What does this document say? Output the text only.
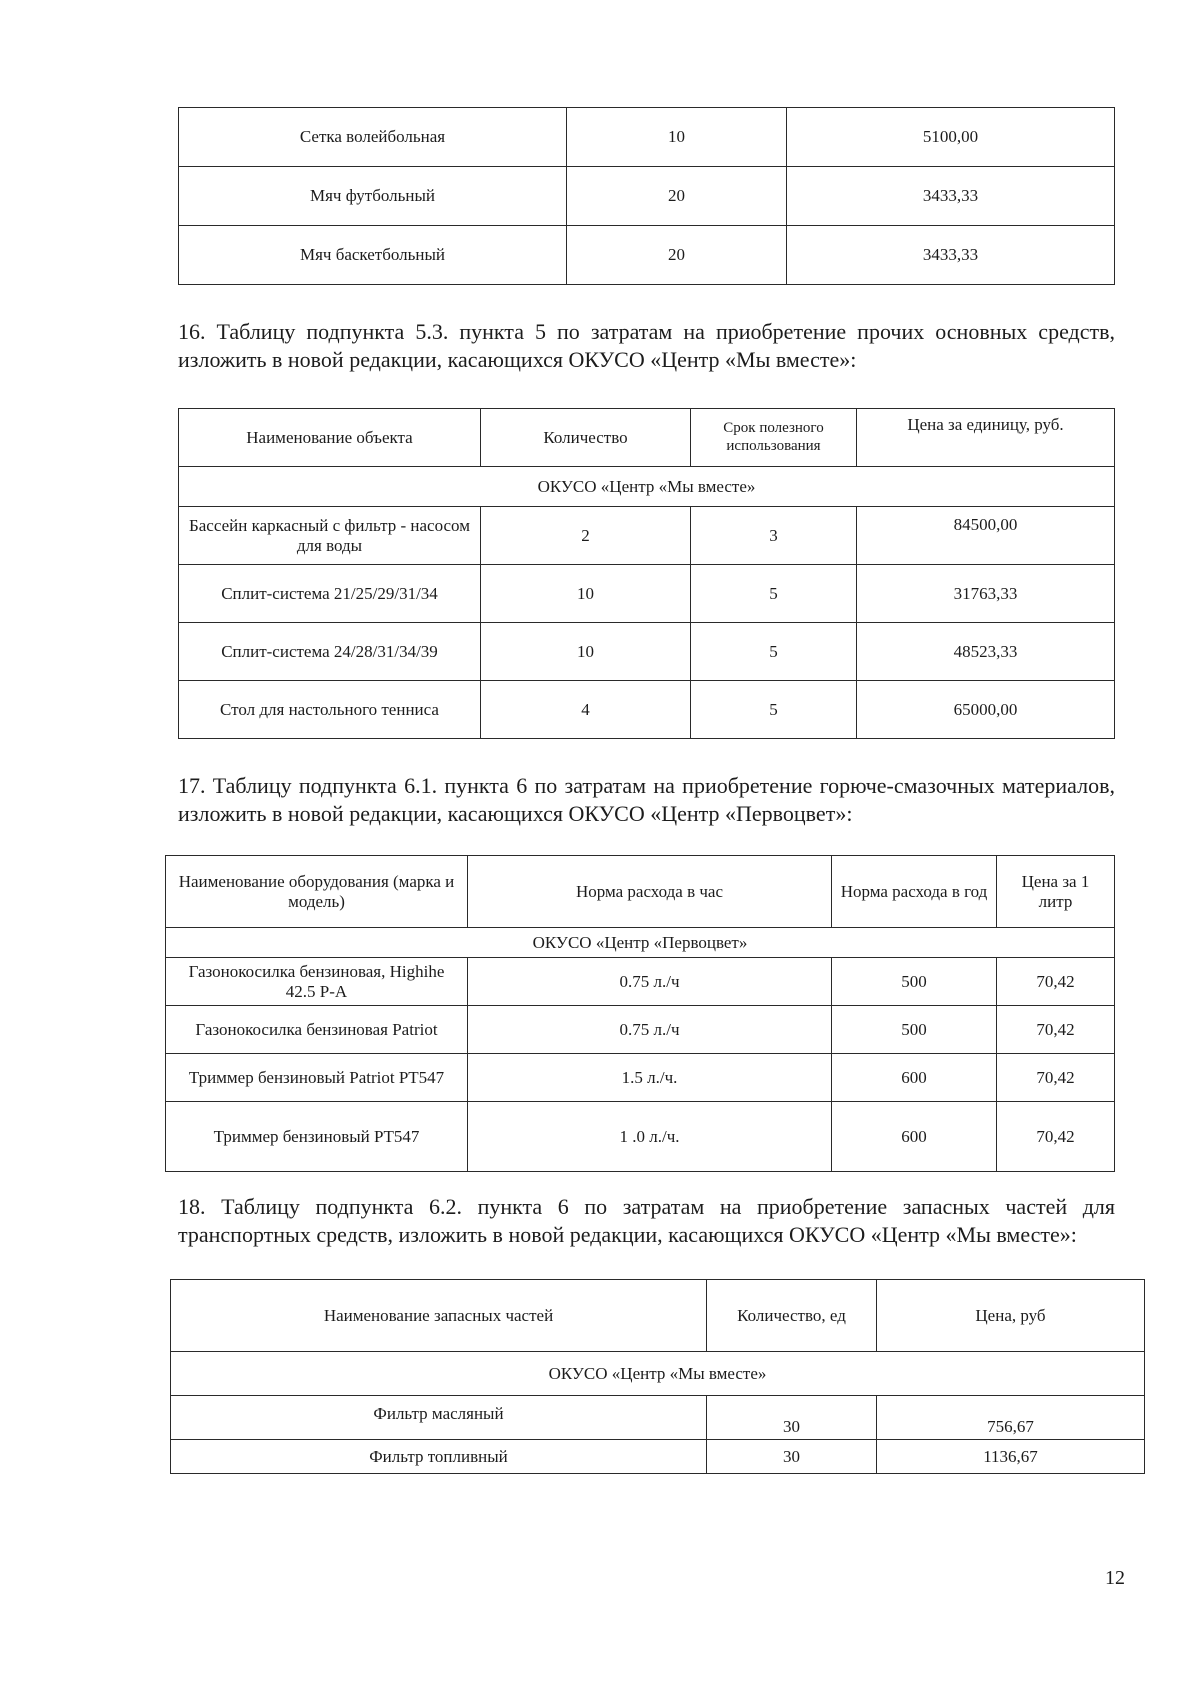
Сетка волейбольная	10	5100,00
Мяч футбольный	20	3433,33
Мяч баскетбольный	20	3433,33
16. Таблицу подпункта 5.3. пункта 5 по затратам на приобретение прочих основных средств, изложить в новой редакции, касающихся ОКУСО «Центр «Мы вместе»:
Наименование объекта	Количество	Срок полезного использования	Цена за единицу, руб.
ОКУСО «Центр «Мы вместе»			
Бассейн каркасный с фильтр - насосом для воды	2	3	84500,00
Сплит-система 21/25/29/31/34	10	5	31763,33
Сплит-система 24/28/31/34/39	10	5	48523,33
Стол для настольного тенниса	4	5	65000,00
17. Таблицу подпункта 6.1. пункта 6 по затратам на приобретение горюче-смазочных материалов, изложить в новой редакции, касающихся ОКУСО «Центр «Первоцвет»:
Наименование оборудования (марка и модель)	Норма расхода в час	Норма расхода в год	Цена за 1 литр
ОКУСО «Центр «Первоцвет»			
Газонокосилка бензиновая, Highihe 42.5 P-A	0.75 л./ч	500	70,42
Газонокосилка бензиновая Patriot	0.75 л./ч	500	70,42
Триммер бензиновый Patriot PT547	1.5 л./ч.	600	70,42
Триммер бензиновый PT547	1 .0 л./ч.	600	70,42
18. Таблицу подпункта 6.2. пункта 6 по затратам на приобретение запасных частей для транспортных средств, изложить в новой редакции, касающихся ОКУСО «Центр «Мы вместе»:
Наименование запасных частей	Количество, ед	Цена, руб
ОКУСО «Центр «Мы вместе»		
Фильтр масляный	30	756,67
Фильтр топливный	30	1136,67
12
